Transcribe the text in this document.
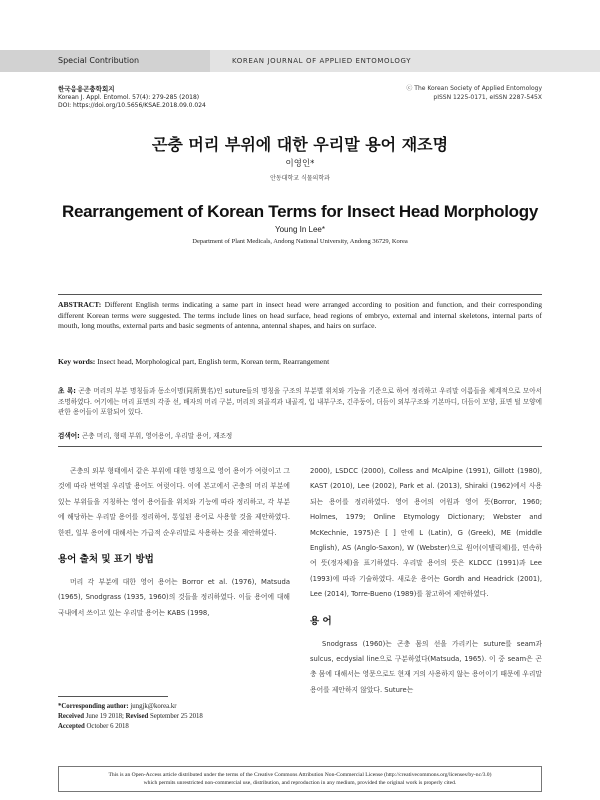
Special Contribution	KOREAN JOURNAL OF APPLIED ENTOMOLOGY
한국응용곤충학회지
Korean J. Appl. Entomol. 57(4): 279-285 (2018)
DOI: https://doi.org/10.5656/KSAE.2018.09.0.024
ⓒ The Korean Society of Applied Entomology
pISSN 1225-0171, eISSN 2287-545X
곤충 머리 부위에 대한 우리말 용어 재조명
이영인*
안동대학교 식물의학과
Rearrangement of Korean Terms for Insect Head Morphology
Young In Lee*
Department of Plant Medicals, Andong National University, Andong 36729, Korea
ABSTRACT: Different English terms indicating a same part in insect head were arranged according to position and function, and their corresponding different Korean terms were suggested. The terms include lines on head surface, head regions of embryo, external and internal skeletons, internal parts of mouth, long mouths, external parts and basic segments of antenna, antennal shapes, and hairs on surface.
Key words: Insect head, Morphological part, English term, Korean term, Rearrangement
초 록: 곤충 머리의 부분 명칭들과 동소이명(同所異名)인 suture들의 명칭을 구조의 부분별 위치와 기능을 기준으로 하여 정리하고 우리말 이름들을 체계적으로 모아서 조명하였다. 여기에는 머리 표면의 각종 선, 배자의 머리 구분, 머리의 외골격과 내골격, 입 내부구조, 긴주둥이, 더듬이 외부구조와 기본마디, 더듬이 모양, 표면 털 모양에 관한 용어들이 포함되어 있다.
검색어: 곤충 머리, 형태 부위, 영어용어, 우리말 용어, 재조정

곤충의 외부 형태에서 같은 부위에 대한 명칭으로 영어 용어가 여럿이고 그것에 따라 번역된 우리말 용어도 여럿이다. 이에 본고에서 곤충의 머리 부분에 있는 부위들을 지칭하는 영어 용어들을 위치와 기능에 따라 정리하고, 각 부분에 해당하는 우리말 용어를 정리하여, 통일된 용어로 사용할 것을 제안하였다. 한편, 일부 용어에 대해서는 가급적 순우리말로 사용하는 것을 제안하였다.

용어 출처 및 표기 방법

머리 각 부분에 대한 영어 용어는 Borror et al. (1976), Matsuda (1965), Snodgrass (1935, 1960)의 것들을 정리하였다. 이들 용어에 대해 국내에서 쓰이고 있는 우리말 용어는 KABS (1998,

2000), LSDCC (2000), Colless and McAlpine (1991), Gillott (1980), KAST (2010), Lee (2002), Park et al. (2013), Shiraki (1962)에서 사용되는 용어를 정리하였다. 영어 용어의 어원과 영어 뜻(Borror, 1960; Holmes, 1979; Online Etymology Dictionary; Webster and McKechnie, 1975)은 [ ] 안에 L (Latin), G (Greek), ME (middle English), AS (Anglo-Saxon), W (Webster)으로 원어(이탤릭체)를, 연속하여 뜻(정자체)을 표기하였다. 우리말 용어의 뜻은 KLDCC (1991)과 Lee (1993)에 따라 기술하였다. 새로운 용어는 Gordh and Headrick (2001), Lee (2014), Torre-Bueno (1989)를 참고하여 제안하였다.

용 어

Snodgrass (1960)는 곤충 몸의 선을 가리키는 suture를 seam과 sulcus, ecdysial line으로 구분하였다(Matsuda, 1965). 이 중 seam은 곤충 몸에 대해서는 영문으로도 현재 거의 사용하지 않는 용어이기 때문에 우리말 용어를 제안하지 않았다. Suture는

*Corresponding author: jungjk@korea.kr
Received June 19 2018; Revised September 25 2018
Accepted October 6 2018
This is an Open-Access article distributed under the terms of the Creative Commons Attribution Non-Commercial License (http://creativecommons.org/licenses/by-nc/3.0)
which permits unrestricted non-commercial use, distribution, and reproduction in any medium, provided the original work is properly cited.
